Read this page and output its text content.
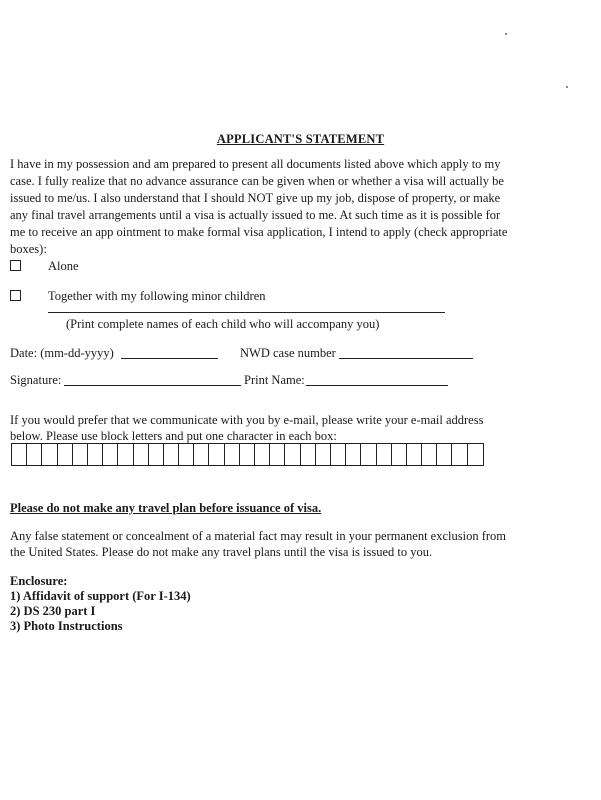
APPLICANT'S STATEMENT
I have in my possession and am prepared to present all documents listed above which apply to my
case. I fully realize that no advance assurance can be given when or whether a visa will actually be
issued to me/us. I also understand that I should NOT give up my job, dispose of property, or make
any final travel arrangements until a visa is actually issued to me. At such time as it is possible for
me to receive an app ointment to make formal visa application, I intend to apply (check appropriate
boxes):
Alone
Together with my following minor children
(Print complete names of each child who will accompany you)
Date: (mm-dd-yyyy)	NWD case number
Signature:	Print Name:
If you would prefer that we communicate with you by e-mail, please write your e-mail address
below. Please use block letters and put one character in each box:
Please do not make any travel plan before issuance of visa.
Any false statement or concealment of a material fact may result in your permanent exclusion from
the United States. Please do not make any travel plans until the visa is issued to you.
Enclosure:
1) Affidavit of support (For I-134)
2) DS 230 part I
3) Photo Instructions
